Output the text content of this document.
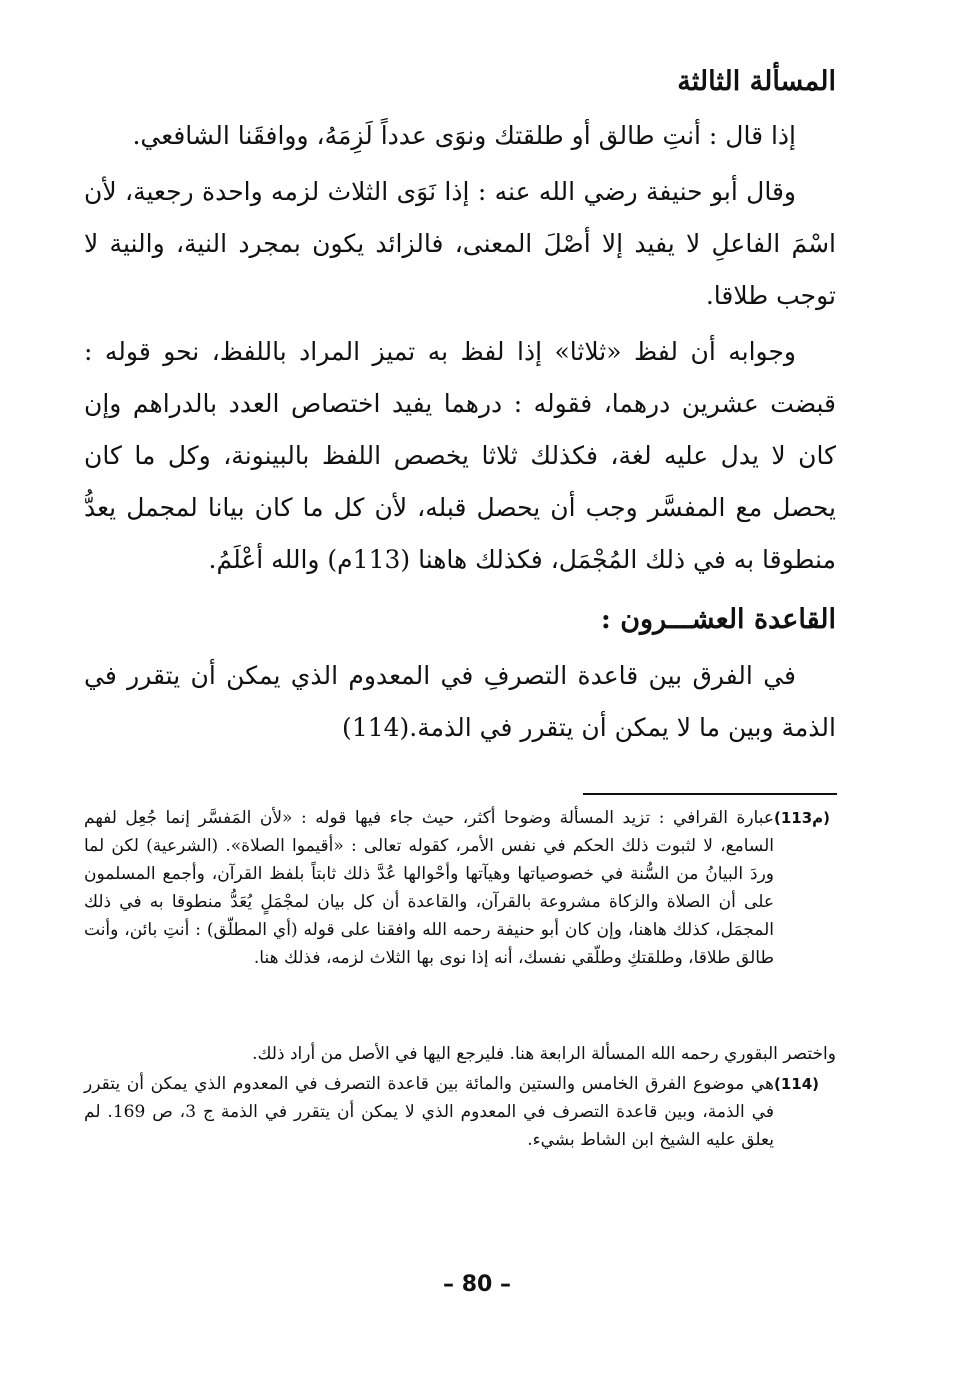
المسألة الثالثة
إذا قال : أنتِ طالق أو طلقتك ونوَى عدداً لَزِمَهُ، ووافقَنا الشافعي.
وقال أبو حنيفة رضي الله عنه : إذا نَوَى الثلاث لزمه واحدة رجعية، لأن اسْمَ الفاعلِ لا يفيد إلا أصْلَ المعنى، فالزائد يكون بمجرد النية، والنية لا توجب طلاقا.
وجوابه أن لفظ «ثلاثا» إذا لفظ به تميز المراد باللفظ، نحو قوله : قبضت عشرين درهما، فقوله : درهما يفيد اختصاص العدد بالدراهم وإن كان لا يدل عليه لغة، فكذلك ثلاثا يخصص اللفظ بالبينونة، وكل ما كان يحصل مع المفسَّر وجب أن يحصل قبله، لأن كل ما كان بيانا لمجمل يعدُّ منطوقا به في ذلك المُجْمَل، فكذلك هاهنا (113م) والله أعْلَمُ.
القاعدة العشـــرون :
في الفرق بين قاعدة التصرفِ في المعدوم الذي يمكن أن يتقرر في الذمة وبين ما لا يمكن أن يتقرر في الذمة.(114)
(113م)
عبارة القرافي : تزيد المسألة وضوحا أكثر، حيث جاء فيها قوله : «لأن المَفسَّر إنما جُعِل لفهم السامع، لا لثبوت ذلك الحكم في نفس الأمر، كقوله تعالى : «أقيموا الصلاة». (الشرعية) لكن لما وردَ البيانُ من السُّنة في خصوصياتها وهيآتها وأحْوالها عُدَّ ذلك ثابتاً بلفظ القرآن، وأجمع المسلمون على أن الصلاة والزكاة مشروعة بالقرآن، والقاعدة أن كل بيان لمجْمَلٍ يُعَدُّ منطوقا به في ذلك المجمَل، كذلك هاهنا، وإن كان أبو حنيفة رحمه الله وافقنا على قوله (أي المطلّق) : أنتِ بائن، وأنت طالق طلاقا، وطلقتكِ وطلّقي نفسك، أنه إذا نوى بها الثلاث لزمه، فذلك هنا.
واختصر البقوري رحمه الله المسألة الرابعة هنا. فليرجع اليها في الأصل من أراد ذلك.
(114)
هي موضوع الفرق الخامس والستين والمائة بين قاعدة التصرف في المعدوم الذي يمكن أن يتقرر في الذمة، وبين قاعدة التصرف في المعدوم الذي لا يمكن أن يتقرر في الذمة ج 3، ص 169. لم يعلق عليه الشيخ ابن الشاط بشيء.
– 80 –
